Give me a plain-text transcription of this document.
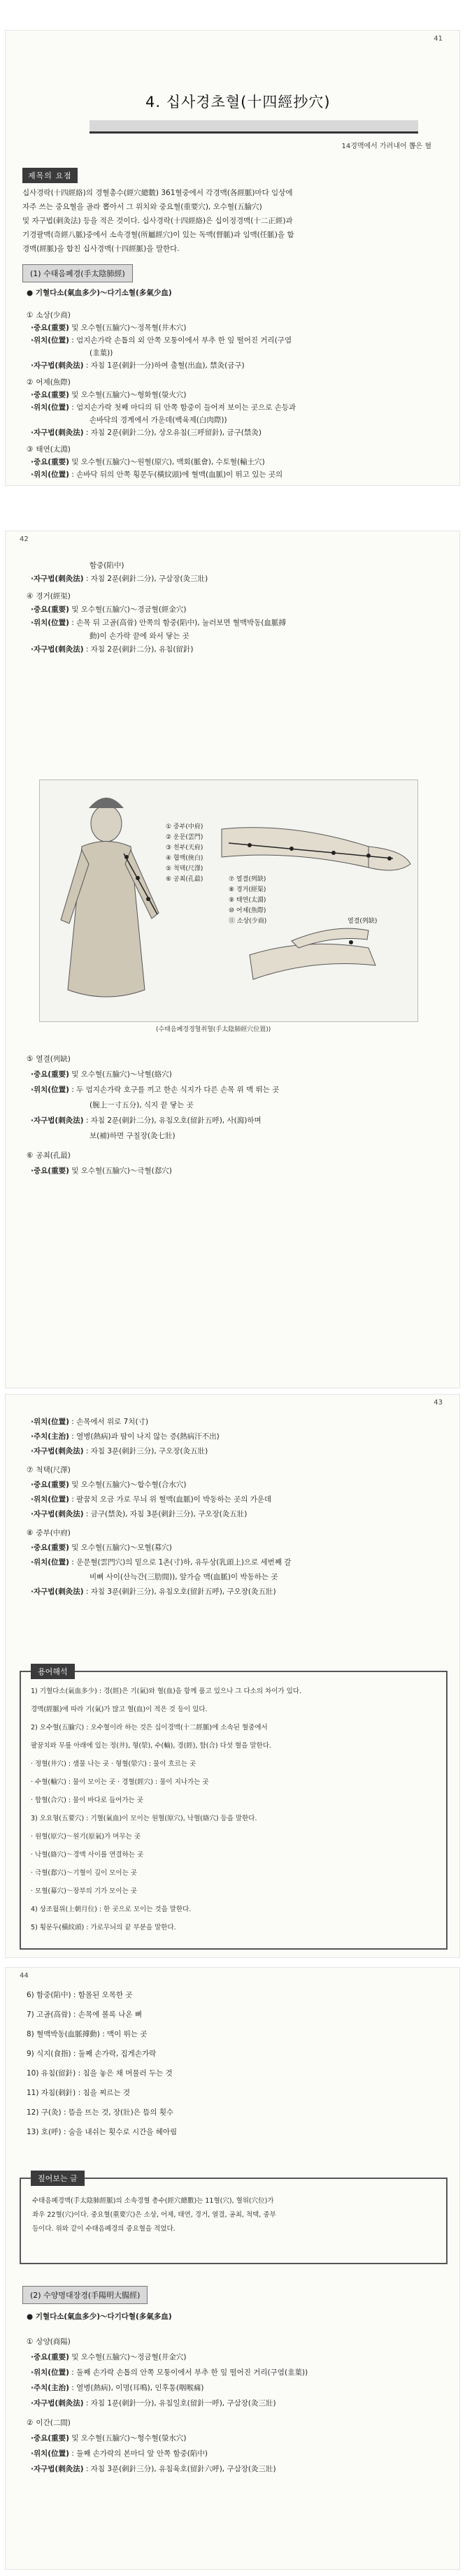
41
4. 십사경초혈(十四經抄穴)
14경맥에서 가려내어 뽑은 혈
제목의 요점
십사경락(十四經絡)의 경혈총수(經穴總數) 361혈중에서 각경맥(各經脈)마다 임상에
자주 쓰는 중요혈을 골라 뽑아서 그 위치와 중요혈(重要穴), 오수혈(五腧穴)
및 자구법(刺灸法) 등을 적은 것이다. 십사경락(十四經絡)은 십이정경맥(十二正經)과
기경팔맥(奇經八脈)중에서 소속경혈(所屬經穴)이 있는 독맥(督脈)과 임맥(任脈)을 합
경맥(經脈)을 합친 십사경맥(十四經脈)을 말한다.
(1) 수태음폐경(手太陰肺經)
● 기혈다소(氣血多少)～다기소혈(多氣少血)
① 소상(少商)
·중요(重要) 및 오수혈(五腧穴)～정목혈(井木穴)
·위치(位置) : 엄지손가락 손톱의 외 안쪽 모퉁이에서 부추 한 잎 떨어진 거리(구염
(韭葉))
·자구법(刺灸法) : 자침 1푼(刺針一分)하여 출혈(出血), 禁灸(금구)
② 어제(魚際)
·중요(重要) 및 오수혈(五腧穴)～형화혈(滎火穴)
·위치(位置) : 엄지손가락 첫째 마디의 뒤 안쪽 함중이 들어져 보이는 곳으로 손등과
손바닥의 경계에서 가운데(백육제(白肉際))
·자구법(刺灸法) : 자침 2푼(刺針二分), 상오유침(三呼留針), 금구(禁灸)
③ 태연(太淵)
·중요(重要) 및 오수혈(五腧穴)～원혈(原穴), 맥회(脈會), 수토혈(輸土穴)
·위치(位置) : 손바닥 뒤의 안쪽 횡문두(橫紋頭)에 혈맥(血脈)이 뛰고 있는 곳의
42
함중(陷中)
·자구법(刺灸法) : 자침 2푼(刺針二分), 구삼장(灸三壯)
④ 경거(經渠)
·중요(重要) 및 오수혈(五腧穴)～경금혈(經金穴)
·위치(位置) : 손목 뒤 고골(高骨) 안쪽의 함중(陷中), 눌러보면 혈맥박동(血脈搏
動)이 손가락 끝에 와서 닿는 곳
·자구법(刺灸法) : 자침 2푼(刺針二分), 유침(留針)
① 중부(中府)
② 운문(雲門)
③ 천부(天府)
④ 협백(俠白)
⑤ 척택(尺澤)
⑥ 공최(孔最)	⑦ 열결(列缺)
⑧ 경거(經渠)
⑨ 태연(太淵)
⑩ 어제(魚際)
⑪ 소상(少商)	열결(列缺)
(수태음폐경경혈취혈(手太陰肺經穴位置))
⑤ 열결(列缺)
·중요(重要) 및 오수혈(五腧穴)～낙혈(絡穴)
·위치(位置) : 두 엄지손가락 호구를 끼고 한손 식지가 다른 손목 위 맥 뛰는 곳
(腕上一寸五分), 식지 끝 닿는 곳
·자구법(刺灸法) : 자침 2푼(刺針二分), 유침오호(留針五呼), 사(瀉)하며
보(補)하면 구칠장(灸七壯)
⑥ 공최(孔最)
·중요(重要) 및 오수혈(五腧穴)～극혈(郄穴)
43
·위치(位置) : 손목에서 위로 7치(寸)
·주치(主治) : 열병(熱病)과 땀이 나지 않는 증(熱病汗不出)
·자구법(刺灸法) : 자침 3푼(刺針三分), 구오장(灸五壯)
⑦ 척택(尺澤)
·중요(重要) 및 오수혈(五腧穴)～합수혈(合水穴)
·위치(位置) : 팔꿈치 오금 가로 무늬 위 혈맥(血脈)이 박동하는 곳의 가운데
·자구법(刺灸法) : 금구(禁灸), 자침 3푼(刺針三分), 구오장(灸五壯)
⑧ 중부(中府)
·중요(重要) 및 오수혈(五腧穴)～모혈(募穴)
·위치(位置) : 운문혈(雲門穴)의 밑으로 1촌(寸)하, 유두상(乳頭上)으로 세번째 갈
비뼈 사이(산늑간(三肋間)), 앞가슴 맥(血脈)이 박동하는 곳
·자구법(刺灸法) : 자침 3푼(刺針三分), 유침오호(留針五呼), 구오장(灸五壯)
용어해석
1) 기혈다소(氣血多少) : 경(經)은 기(氣)와 혈(血)을 함께 품고 있으나 그 다소의 차이가 있다.
경맥(經脈)에 따라 기(氣)가 많고 혈(血)이 적은 것 등이 있다.
2) 오수혈(五腧穴) : 오수혈이라 하는 것은 십이경맥(十二經脈)에 소속된 혈중에서
팔꿈치와 무릎 아래에 있는 정(井), 형(滎), 수(輸), 경(經), 합(合) 다섯 혈을 말한다.
· 정혈(井穴) : 샘물 나는 곳 · 형혈(滎穴) : 물이 흐르는 곳
· 수혈(輸穴) : 물이 모이는 곳 · 경혈(經穴) : 물이 지나가는 곳
· 합혈(合穴) : 물이 바다로 들어가는 곳
3) 오요형(五要穴) : 기혈(氣血)이 모이는 원혈(原穴), 낙혈(絡穴) 등을 말한다.
· 원혈(原穴)～원기(原氣)가 머무는 곳
· 낙혈(絡穴)～경맥 사이를 연결하는 곳
· 극혈(郄穴)～기혈이 깊이 모이는 곳
· 모혈(募穴)～장부의 기가 모이는 곳
4) 상조월위(上朝月位) : 한 곳으로 모이는 것을 말한다.
5) 횡문두(橫紋頭) : 가로무늬의 끝 부분을 말한다.
44
6) 함중(陷中) : 함몰된 오목한 곳
7) 고골(高骨) : 손목에 볼록 나온 뼈
8) 혈맥박동(血脈搏動) : 맥이 뛰는 곳
9) 식지(食指) : 둘째 손가락, 집게손가락
10) 유침(留針) : 침을 놓은 채 머물러 두는 것
11) 자침(刺針) : 침을 찌르는 것
12) 구(灸) : 뜸을 뜨는 것, 장(壯)은 뜸의 횟수
13) 호(呼) : 숨을 내쉬는 횟수로 시간을 헤아림
짚어보는 글
수태음폐경맥(手太陰肺經脈)의 소속경혈 총수(經穴總數)는 11혈(穴), 혈위(穴位)가
좌우 22혈(穴)이다. 중요혈(重要穴)은 소상, 어제, 태연, 경거, 열결, 공최, 척택, 중부
등이다. 위와 같이 수태음폐경의 중요혈을 적었다.
(2) 수양명대장경(手陽明大腸經)
● 기혈다소(氣血多少)～다기다혈(多氣多血)
① 상양(商陽)
·중요(重要) 및 오수혈(五腧穴)～정금혈(井金穴)
·위치(位置) : 둘째 손가락 손톱의 안쪽 모퉁이에서 부추 한 잎 떨어진 거리(구염(韭葉))
·주치(主治) : 열병(熱病), 이명(耳鳴), 인후통(咽喉痛)
·자구법(刺灸法) : 자침 1푼(刺針一分), 유침일호(留針一呼), 구삼장(灸三壯)
② 이간(二間)
·중요(重要) 및 오수혈(五腧穴)～형수혈(滎水穴)
·위치(位置) : 둘째 손가락의 본마디 앞 안쪽 함중(陷中)
·자구법(刺灸法) : 자침 3푼(刺針三分), 유침육호(留針六呼), 구삼장(灸三壯)
